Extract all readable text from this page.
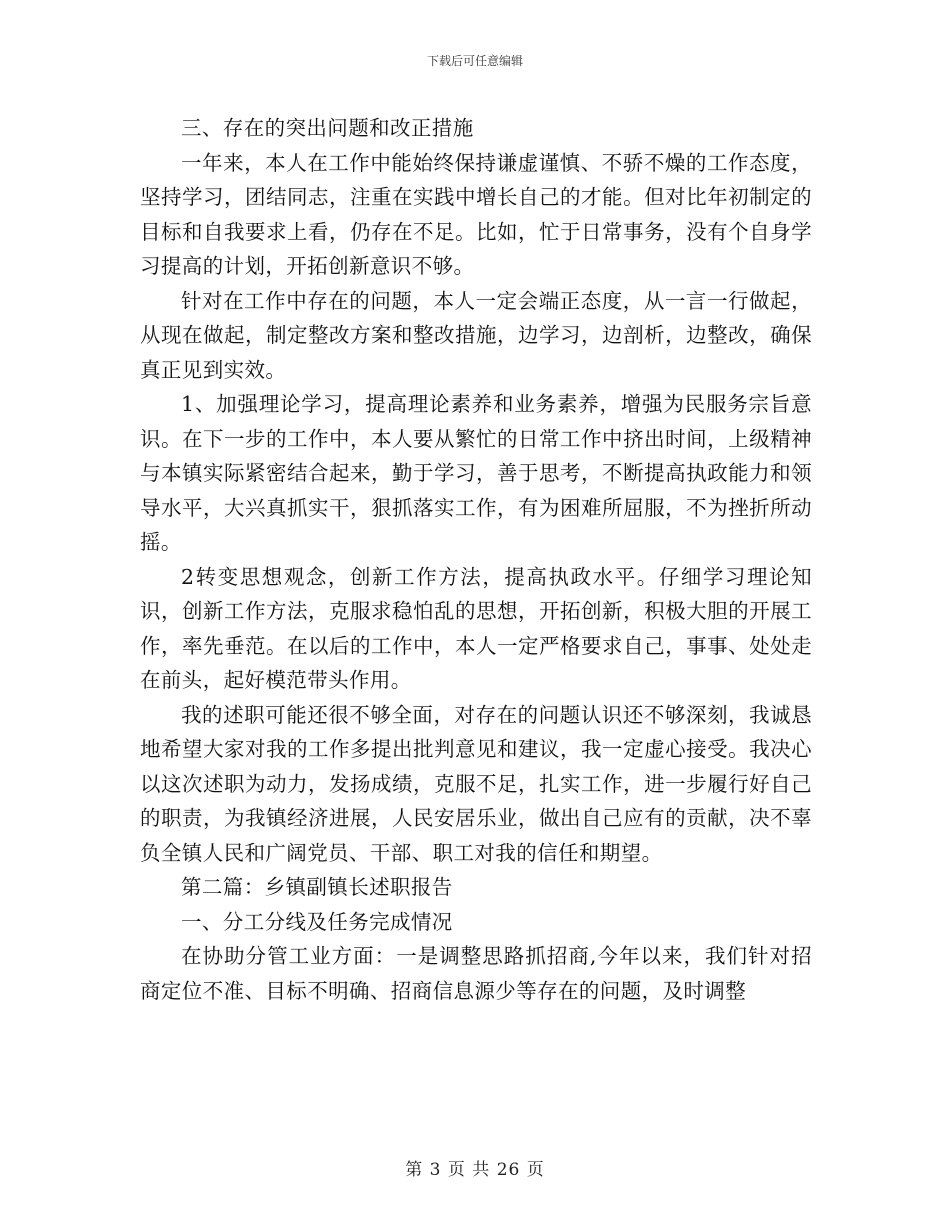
下载后可任意编辑

三、存在的突出问题和改正措施

一年来，本人在工作中能始终保持谦虚谨慎、不骄不燥的工作态度，坚持学习，团结同志，注重在实践中增长自己的才能。但对比年初制定的目标和自我要求上看，仍存在不足。比如，忙于日常事务，没有个自身学习提高的计划，开拓创新意识不够。

针对在工作中存在的问题，本人一定会端正态度，从一言一行做起，从现在做起，制定整改方案和整改措施，边学习，边剖析，边整改，确保真正见到实效。

1、加强理论学习，提高理论素养和业务素养，增强为民服务宗旨意识。在下一步的工作中，本人要从繁忙的日常工作中挤出时间，上级精神与本镇实际紧密结合起来，勤于学习，善于思考，不断提高执政能力和领导水平，大兴真抓实干，狠抓落实工作，有为困难所屈服，不为挫折所动摇。

2转变思想观念，创新工作方法，提高执政水平。仔细学习理论知识，创新工作方法，克服求稳怕乱的思想，开拓创新，积极大胆的开展工作，率先垂范。在以后的工作中，本人一定严格要求自己，事事、处处走在前头，起好模范带头作用。

我的述职可能还很不够全面，对存在的问题认识还不够深刻，我诚恳地希望大家对我的工作多提出批判意见和建议，我一定虚心接受。我决心以这次述职为动力，发扬成绩，克服不足，扎实工作，进一步履行好自己的职责，为我镇经济进展，人民安居乐业，做出自己应有的贡献，决不辜负全镇人民和广阔党员、干部、职工对我的信任和期望。

第二篇：乡镇副镇长述职报告

一、分工分线及任务完成情况

在协助分管工业方面：一是调整思路抓招商,今年以来，我们针对招商定位不准、目标不明确、招商信息源少等存在的问题，及时调整

第 3 页 共 26 页
